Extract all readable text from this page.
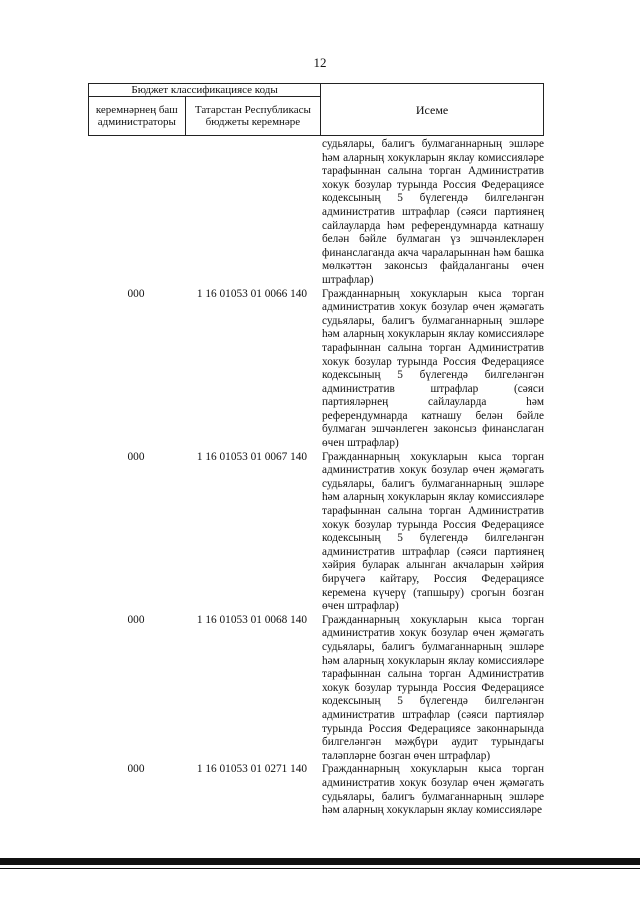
12
Бюджет классификациясе коды		Исеме
керемнәрнең баш администраторы	Татарстан Республикасы бюджеты керемнәре	
судьялары, балигъ булмаганнарның эшләре һәм аларның хокукларын яклау комиссияләре тарафыннан салына торган Административ хокук бозулар турында Россия Федерациясе кодексының 5 бүлегендә билгеләнгән административ штрафлар (сәяси партиянең сайлауларда һәм референдумнарда катнашу белән бәйле булмаган үз эшчәнлекләрен финанслаганда акча чараларыннан һәм башка мөлкәттән законсыз файдаланганы өчен штрафлар)
000	1 16 01053 01 0066 140	Гражданнарның хокукларын кыса торган административ хокук бозулар өчен җәмәгать судьялары, балигъ булмаганнарның эшләре һәм аларның хокукларын яклау комиссияләре тарафыннан салына торган Административ хокук бозулар турында Россия Федерациясе кодексының 5 бүлегендә билгеләнгән административ штрафлар (сәяси партияләрнең сайлауларда һәм референдумнарда катнашу белән бәйле булмаган эшчәнлеген законсыз финанслаган өчен штрафлар)
000	1 16 01053 01 0067 140	Гражданнарның хокукларын кыса торган административ хокук бозулар өчен җәмәгать судьялары, балигъ булмаганнарның эшләре һәм аларның хокукларын яклау комиссияләре тарафыннан салына торган Административ хокук бозулар турында Россия Федерациясе кодексының 5 бүлегендә билгеләнгән административ штрафлар (сәяси партиянең хәйрия буларак алынган акчаларын хәйрия бирүчегә кайтару, Россия Федерациясе керемена күчерү (тапшыру) срогын бозган өчен штрафлар)
000	1 16 01053 01 0068 140	Гражданнарның хокукларын кыса торган административ хокук бозулар өчен җәмәгать судьялары, балигъ булмаганнарның эшләре һәм аларның хокукларын яклау комиссияләре тарафыннан салына торган Административ хокук бозулар турында Россия Федерациясе кодексының 5 бүлегендә билгеләнгән административ штрафлар (сәяси партияләр турында Россия Федерациясе законнарында билгеләнгән мәҗбүри аудит турындагы таләпләрне бозган өчен штрафлар)
000	1 16 01053 01 0271 140	Гражданнарның хокукларын кыса торган административ хокук бозулар өчен җәмәгать судьялары, балигъ булмаганнарның эшләре һәм аларның хокукларын яклау комиссияләре
